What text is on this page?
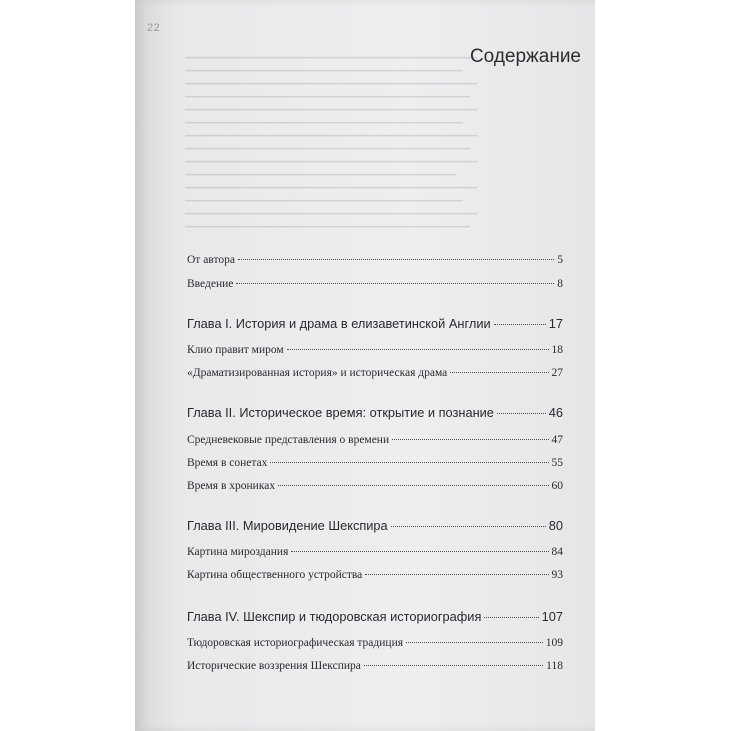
22
▁▁▁▁▁▁▁▁▁▁▁▁▁▁▁▁▁▁▁▁▁▁▁▁▁▁▁▁▁▁▁▁▁▁▁▁▁▁▁▁
▁▁▁▁▁▁▁▁▁▁▁▁▁▁▁▁▁▁▁▁▁▁▁▁▁▁▁▁▁▁▁▁▁▁▁▁▁▁
▁▁▁▁▁▁▁▁▁▁▁▁▁▁▁▁▁▁▁▁▁▁▁▁▁▁▁▁▁▁▁▁▁▁▁▁▁▁▁▁
▁▁▁▁▁▁▁▁▁▁▁▁▁▁▁▁▁▁▁▁▁▁▁▁▁▁▁▁▁▁▁▁▁▁▁▁▁▁▁
▁▁▁▁▁▁▁▁▁▁▁▁▁▁▁▁▁▁▁▁▁▁▁▁▁▁▁▁▁▁▁▁▁▁▁▁▁▁▁▁
▁▁▁▁▁▁▁▁▁▁▁▁▁▁▁▁▁▁▁▁▁▁▁▁▁▁▁▁▁▁▁▁▁▁▁▁▁▁
▁▁▁▁▁▁▁▁▁▁▁▁▁▁▁▁▁▁▁▁▁▁▁▁▁▁▁▁▁▁▁▁▁▁▁▁▁▁▁▁
▁▁▁▁▁▁▁▁▁▁▁▁▁▁▁▁▁▁▁▁▁▁▁▁▁▁▁▁▁▁▁▁▁▁▁▁▁▁▁
▁▁▁▁▁▁▁▁▁▁▁▁▁▁▁▁▁▁▁▁▁▁▁▁▁▁▁▁▁▁▁▁▁▁▁▁▁▁▁▁
▁▁▁▁▁▁▁▁▁▁▁▁▁▁▁▁▁▁▁▁▁▁▁▁▁▁▁▁▁▁▁▁▁▁▁▁▁
▁▁▁▁▁▁▁▁▁▁▁▁▁▁▁▁▁▁▁▁▁▁▁▁▁▁▁▁▁▁▁▁▁▁▁▁▁▁▁▁
▁▁▁▁▁▁▁▁▁▁▁▁▁▁▁▁▁▁▁▁▁▁▁▁▁▁▁▁▁▁▁▁▁▁▁▁▁▁
▁▁▁▁▁▁▁▁▁▁▁▁▁▁▁▁▁▁▁▁▁▁▁▁▁▁▁▁▁▁▁▁▁▁▁▁▁▁▁▁
▁▁▁▁▁▁▁▁▁▁▁▁▁▁▁▁▁▁▁▁▁▁▁▁▁▁▁▁▁▁▁▁▁▁▁▁▁▁▁
Содержание
От автора	5
Введение	8
Глава I. История и драма в елизаветинской Англии	17
Клио правит миром	18
«Драматизированная история» и историческая драма	27
Глава II. Историческое время: открытие и познание	46
Средневековые представления о времени	47
Время в сонетах	55
Время в хрониках	60
Глава III. Мировидение Шекспира	80
Картина мироздания	84
Картина общественного устройства	93
Глава IV. Шекспир и тюдоровская историография	107
Тюдоровская историографическая традиция	109
Исторические воззрения Шекспира	118
